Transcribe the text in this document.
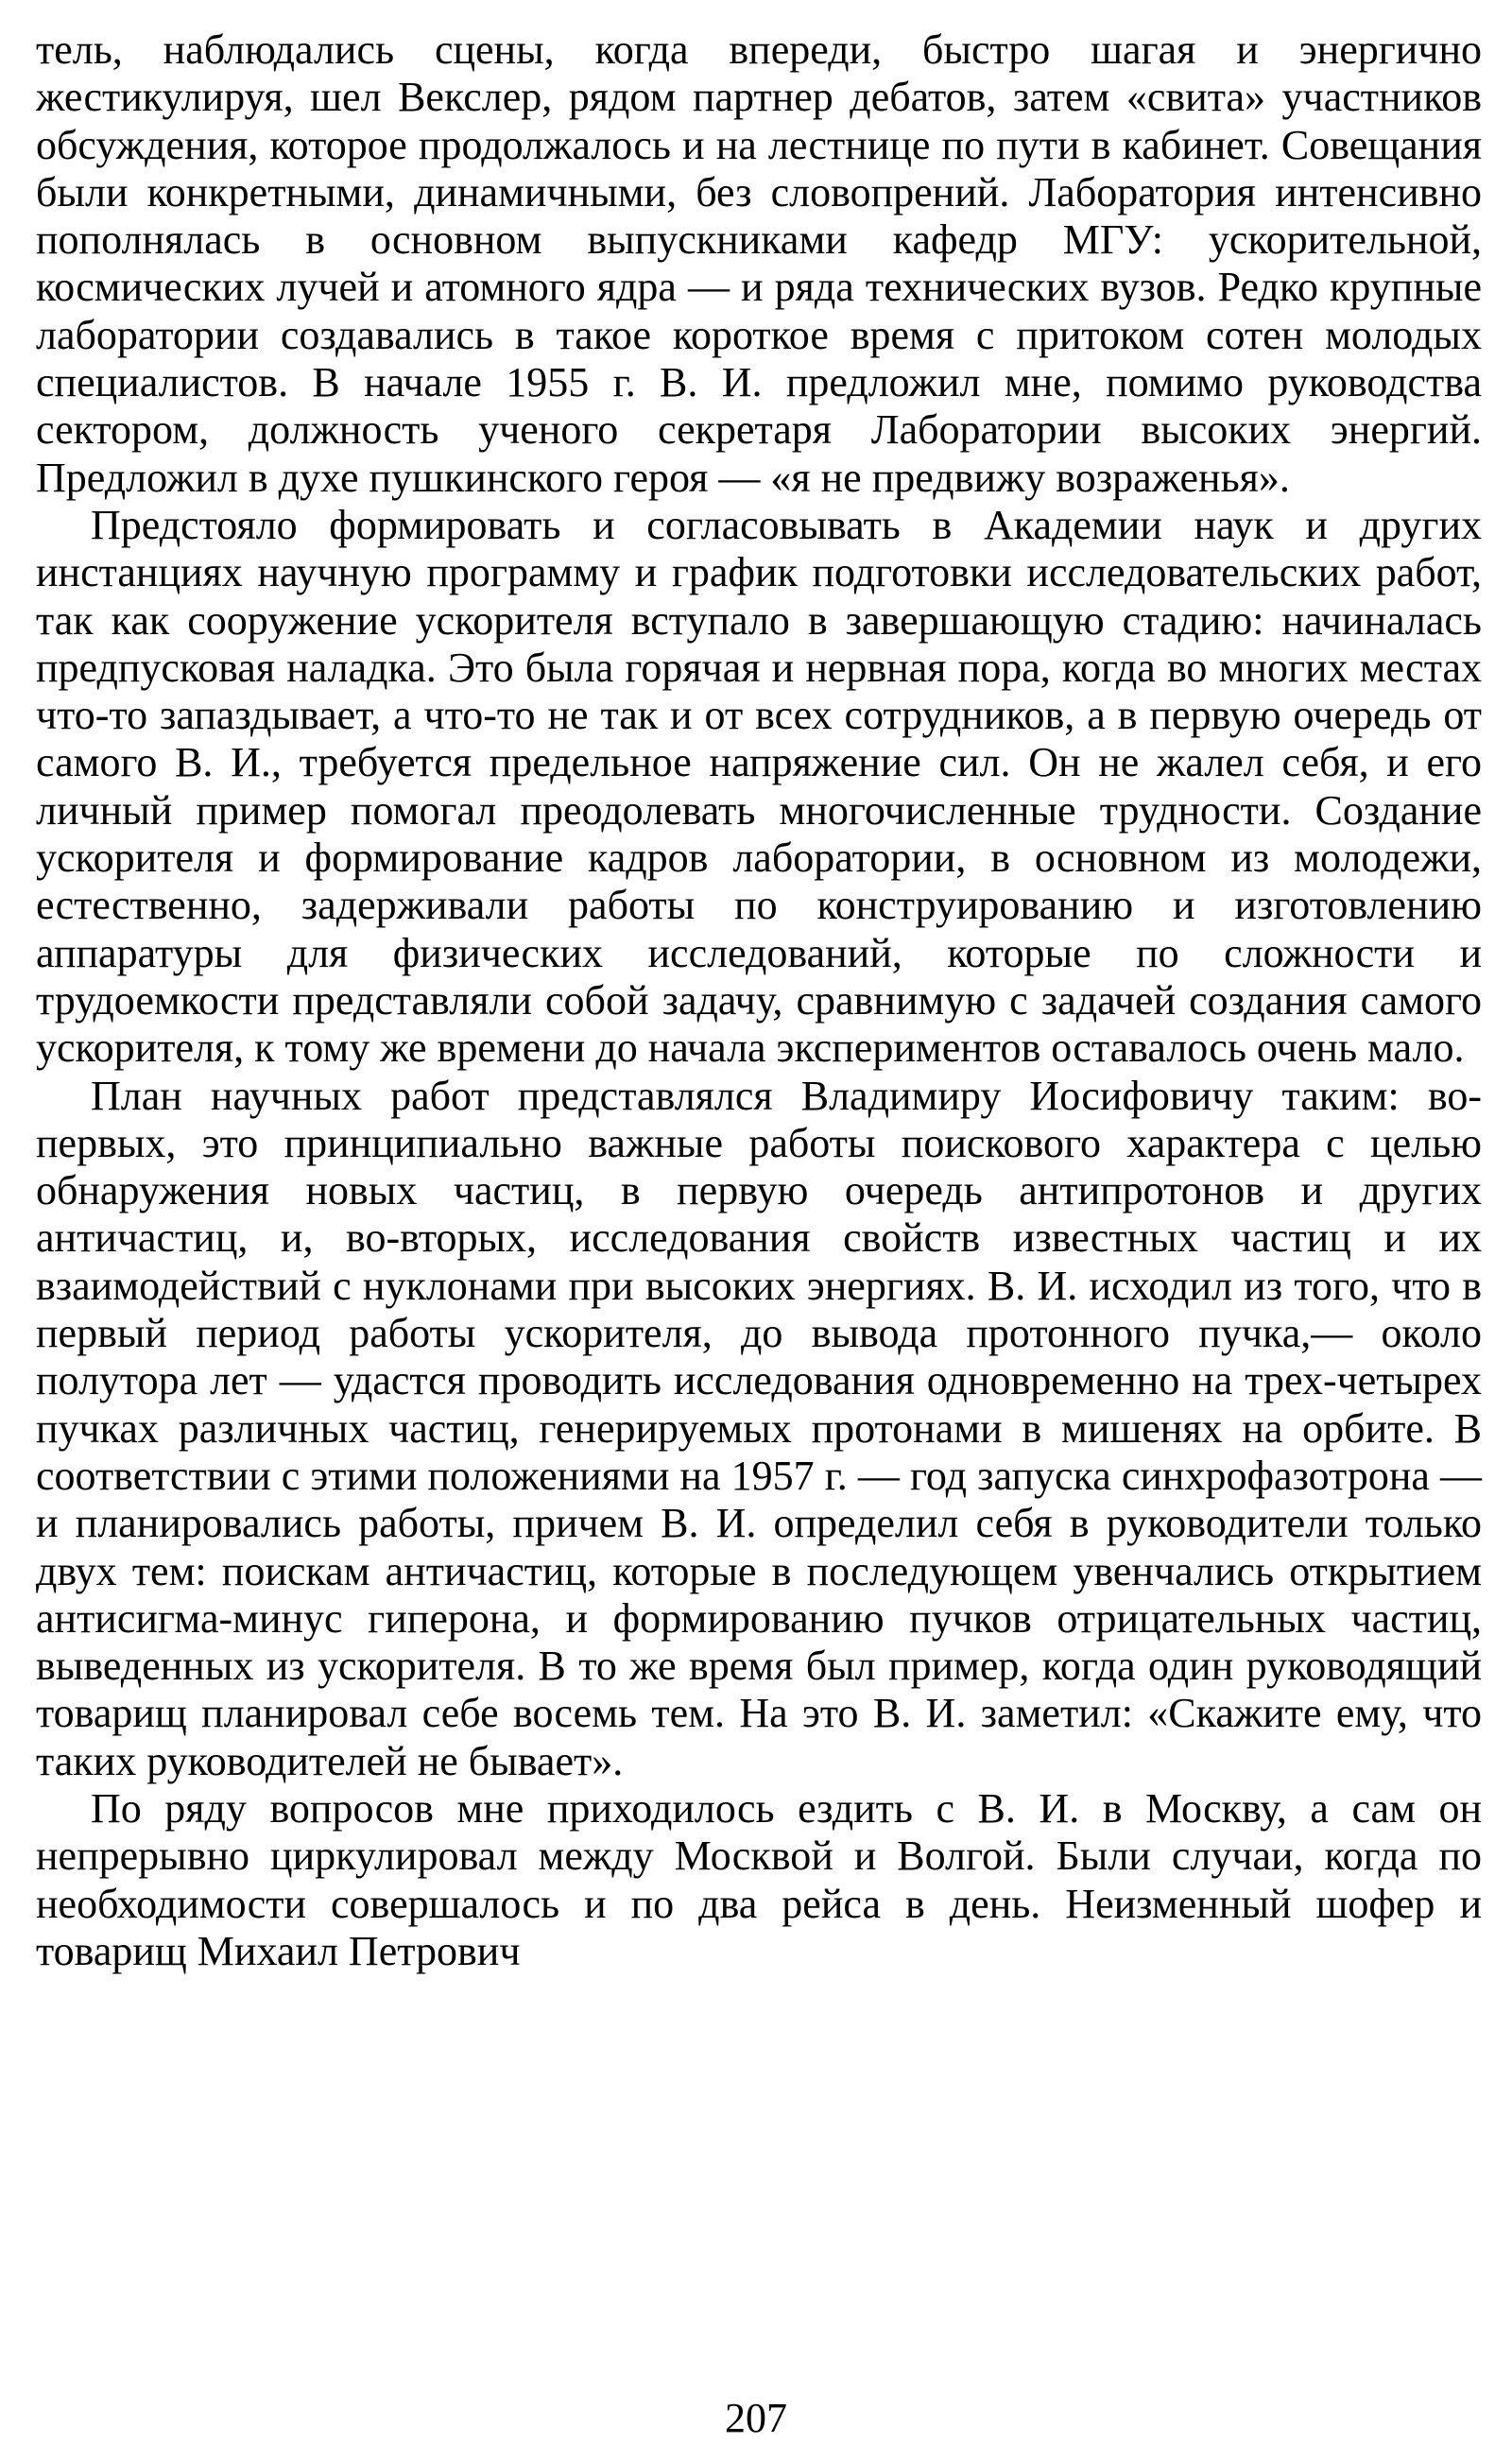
тель, наблюдались сцены, когда впереди, быстро шагая и энергично жестикулируя, шел Векслер, рядом партнер дебатов, затем «свита» участников обсуждения, которое продолжалось и на лестнице по пути в кабинет. Совещания были конкретными, динамичными, без словопрений. Лаборатория интенсивно пополнялась в основном выпускниками кафедр МГУ: ускорительной, космических лучей и атомного ядра — и ряда технических вузов. Редко крупные лаборатории создавались в такое короткое время с притоком сотен молодых специалистов. В начале 1955 г. В. И. предложил мне, помимо руководства сектором, должность ученого секретаря Лаборатории высоких энергий. Предложил в духе пушкинского героя — «я не предвижу возраженья».

Предстояло формировать и согласовывать в Академии наук и других инстанциях научную программу и график подготовки исследовательских работ, так как сооружение ускорителя вступало в завершающую стадию: начиналась предпусковая наладка. Это была горячая и нервная пора, когда во многих местах что-то запаздывает, а что-то не так и от всех сотрудников, а в первую очередь от самого В. И., требуется предельное напряжение сил. Он не жалел себя, и его личный пример помогал преодолевать многочисленные трудности. Создание ускорителя и формирование кадров лаборатории, в основном из молодежи, естественно, задерживали работы по конструированию и изготовлению аппаратуры для физических исследований, которые по сложности и трудоемкости представляли собой задачу, сравнимую с задачей создания самого ускорителя, к тому же времени до начала экспериментов оставалось очень мало.

План научных работ представлялся Владимиру Иосифовичу таким: во-первых, это принципиально важные работы поискового характера с целью обнаружения новых частиц, в первую очередь антипротонов и других античастиц, и, во-вторых, исследования свойств известных частиц и их взаимодействий с нуклонами при высоких энергиях. В. И. исходил из того, что в первый период работы ускорителя, до вывода протонного пучка,— около полутора лет — удастся проводить исследования одновременно на трех-четырех пучках различных частиц, генерируемых протонами в мишенях на орбите. В соответствии с этими положениями на 1957 г. — год запуска синхрофазотрона — и планировались работы, причем В. И. определил себя в руководители только двух тем: поискам античастиц, которые в последующем увенчались открытием антисигма-минус гиперона, и формированию пучков отрицательных частиц, выведенных из ускорителя. В то же время был пример, когда один руководящий товарищ планировал себе восемь тем. На это В. И. заметил: «Скажите ему, что таких руководителей не бывает».

По ряду вопросов мне приходилось ездить с В. И. в Москву, а сам он непрерывно циркулировал между Москвой и Волгой. Были случаи, когда по необходимости совершалось и по два рейса в день. Неизменный шофер и товарищ Михаил Петрович

207
